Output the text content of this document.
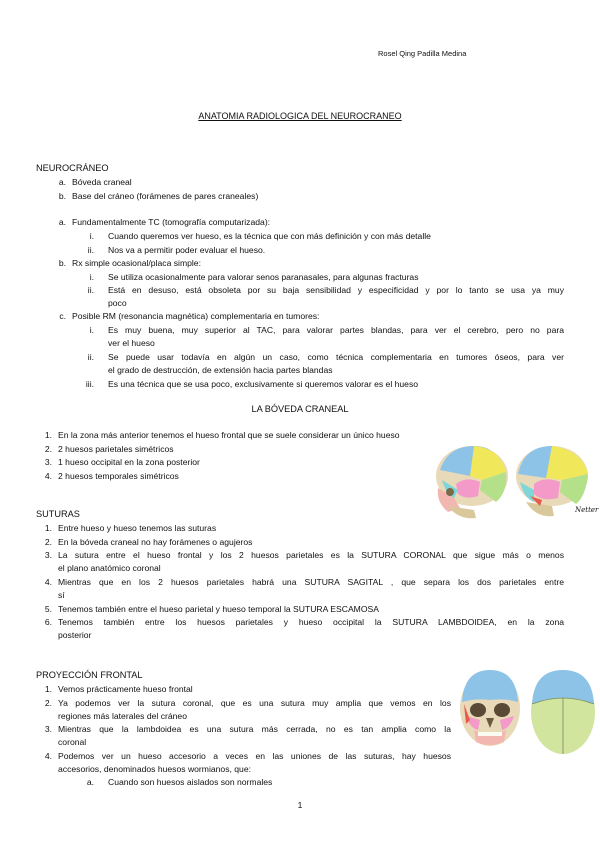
Rosel Qing Padilla Medina
ANATOMIA RADIOLOGICA DEL NEUROCRANEO
NEUROCRÁNEO
a. Bóveda craneal
b. Base del cráneo (forámenes de pares craneales)
a. Fundamentalmente TC (tomografía computarizada):
i. Cuando queremos ver hueso, es la técnica que con más definición y con más detalle
ii. Nos va a permitir poder evaluar el hueso.
b. Rx simple ocasional/placa simple:
i. Se utiliza ocasionalmente para valorar senos paranasales, para algunas fracturas
ii. Está en desuso, está obsoleta por su baja sensibilidad y especificidad y por lo tanto se usa ya muy
poco
c. Posible RM (resonancia magnética) complementaria en tumores:
i. Es muy buena, muy superior al TAC, para valorar partes blandas, para ver el cerebro, pero no para
ver el hueso
ii. Se puede usar todavía en algún un caso, como técnica complementaria en tumores óseos, para ver
el grado de destrucción, de extensión hacia partes blandas
iii. Es una técnica que se usa poco, exclusivamente si queremos valorar es el hueso
LA BÓVEDA CRANEAL
1. En la zona más anterior tenemos el hueso frontal que se suele considerar un único hueso
2. 2 huesos parietales simétricos
3. 1 hueso occipital en la zona posterior
4. 2 huesos temporales simétricos
Netter
SUTURAS
1. Entre hueso y hueso tenemos las suturas
2. En la bóveda craneal no hay forámenes o agujeros
3. La sutura entre el hueso frontal y los 2 huesos parietales es la SUTURA CORONAL que sigue más o menos
el plano anatómico coronal
4. Mientras que en los 2 huesos parietales habrá una SUTURA SAGITAL , que separa los dos parietales entre
sí
5. Tenemos también entre el hueso parietal y hueso temporal la SUTURA ESCAMOSA
6. Tenemos también entre los huesos parietales y hueso occipital la SUTURA LAMBDOIDEA, en la zona
posterior
PROYECCIÓN FRONTAL
1. Vemos prácticamente hueso frontal
2. Ya podemos ver la sutura coronal, que es una sutura muy amplia que vemos en los
regiones más laterales del cráneo
3. Mientras que la lambdoidea es una sutura más cerrada, no es tan amplia como la
coronal
4. Podemos ver un hueso accesorio a veces en las uniones de las suturas, hay huesos
accesorios, denominados huesos wormianos, que:
a. Cuando son huesos aislados son normales
1
